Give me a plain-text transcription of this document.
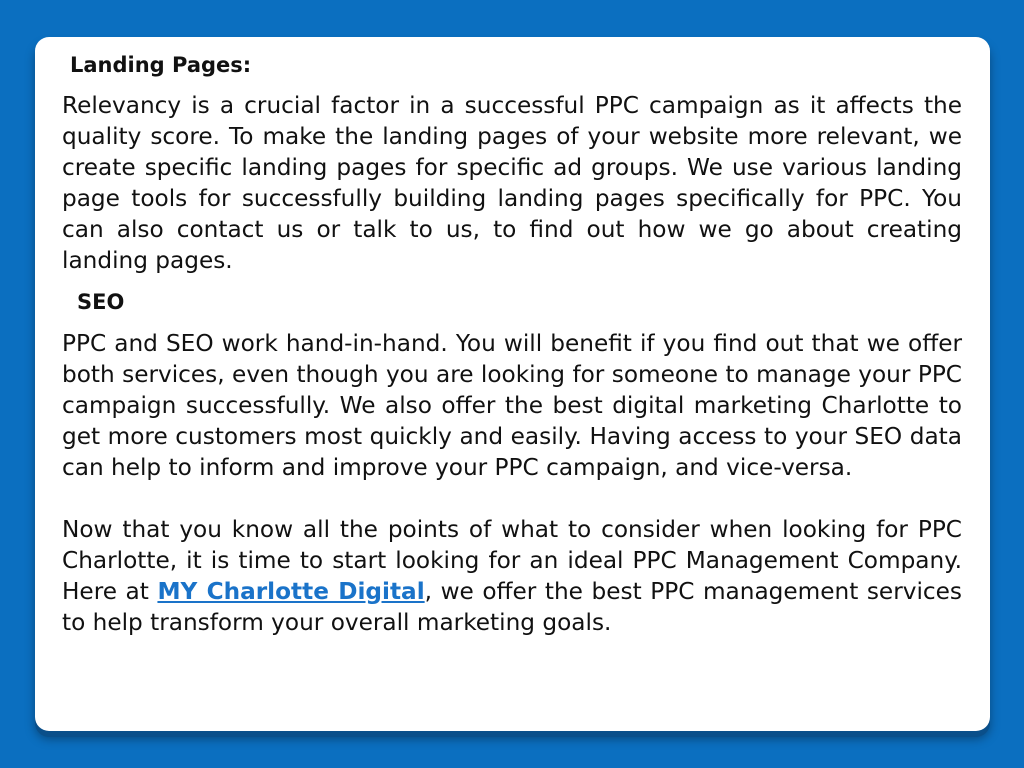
Landing Pages:

Relevancy is a crucial factor in a successful PPC campaign as it affects the quality score. To make the landing pages of your website more relevant, we create specific landing pages for specific ad groups. We use various landing page tools for successfully building landing pages specifically for PPC. You can also contact us or talk to us, to find out how we go about creating landing pages.

SEO

PPC and SEO work hand-in-hand. You will benefit if you find out that we offer both services, even though you are looking for someone to manage your PPC campaign successfully. We also offer the best digital marketing Charlotte to get more customers most quickly and easily. Having access to your SEO data can help to inform and improve your PPC campaign, and vice-versa.

Now that you know all the points of what to consider when looking for PPC Charlotte, it is time to start looking for an ideal PPC Management Company. Here at MY Charlotte Digital, we offer the best PPC management services to help transform your overall marketing goals.
